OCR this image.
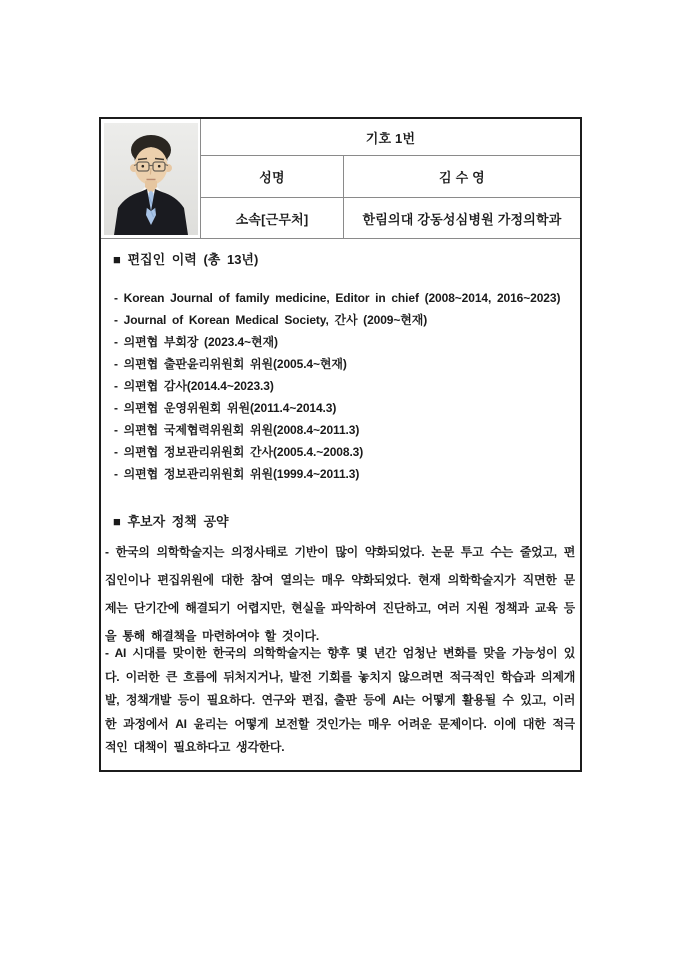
기호 1번
성명	김 수 영
소속[근무처]	한림의대 강동성심병원 가정의학과
■ 편집인 이력 (총 13년)
- Korean Journal of family medicine, Editor in chief (2008~2014, 2016~2023)
- Journal of Korean Medical Society, 간사 (2009~현재)
- 의편협 부회장 (2023.4~현재)
- 의편협 출판윤리위원회 위원(2005.4~현재)
- 의편협 감사(2014.4~2023.3)
- 의편협 운영위원회 위원(2011.4~2014.3)
- 의편협 국제협력위원회 위원(2008.4~2011.3)
- 의편협 정보관리위원회 간사(2005.4.~2008.3)
- 의편협 정보관리위원회 위원(1999.4~2011.3)
■ 후보자 정책 공약
- 한국의 의학학술지는 의정사태로 기반이 많이 약화되었다. 논문 투고 수는 줄었고, 편
집인이나 편집위원에 대한 참여 열의는 매우 약화되었다. 현재 의학학술지가 직면한 문
제는 단기간에 해결되기 어렵지만, 현실을 파악하여 진단하고, 여러 지원 정책과 교육 등
을 통해 해결책을 마련하여야 할 것이다.
- AI 시대를 맞이한 한국의 의학학술지는 향후 몇 년간 엄청난 변화를 맞을 가능성이 있
다. 이러한 큰 흐름에 뒤처지거나, 발전 기회를 놓치지 않으려면 적극적인 학습과 의제개
발, 정책개발 등이 필요하다. 연구와 편집, 출판 등에 AI는 어떻게 활용될 수 있고, 이러
한 과정에서 AI 윤리는 어떻게 보전할 것인가는 매우 어려운 문제이다. 이에 대한 적극
적인 대책이 필요하다고 생각한다.
